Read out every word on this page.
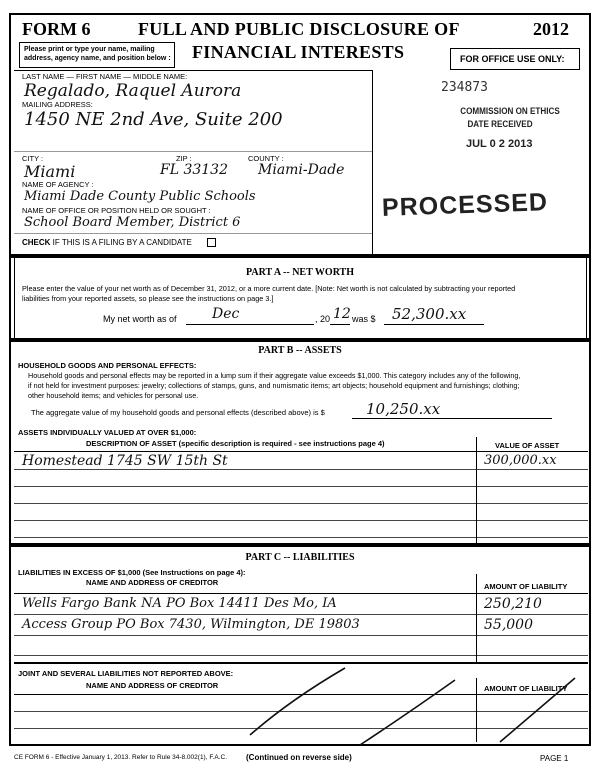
FORM 6	FULL AND PUBLIC DISCLOSURE OF	2012
Please print or type your name, mailing address, agency name, and position below : FINANCIAL INTERESTS	FOR OFFICE USE ONLY:
LAST NAME — FIRST NAME — MIDDLE NAME:
Regalado, Raquel Aurora
MAILING ADDRESS:
1450 NE 2nd Ave, Suite 200
CITY :	ZIP :	COUNTY :
Miami	FL 33132 Miami-Dade
NAME OF AGENCY :
Miami Dade County Public Schools
NAME OF OFFICE OR POSITION HELD OR SOUGHT :
School Board Member, District 6
CHECK IF THIS IS A FILING BY A CANDIDATE
234873
COMMISSION ON ETHICS
DATE RECEIVED
JUL 0 2 2013
PROCESSED
PART A -- NET WORTH
Please enter the value of your net worth as of December 31, 2012, or a more current date. [Note: Net worth is not calculated by subtracting your reported
liabilities from your reported assets, so please see the instructions on page 3.]
My net worth as of	Dec	, 20 12 was $ 52,300.xx
PART B -- ASSETS
HOUSEHOLD GOODS AND PERSONAL EFFECTS:
Household goods and personal effects may be reported in a lump sum if their aggregate value exceeds $1,000. This category includes any of the following,
if not held for investment purposes: jewelry; collections of stamps, guns, and numismatic items; art objects; household equipment and furnishings; clothing;
other household items; and vehicles for personal use.
The aggregate value of my household goods and personal effects (described above) is $	10,250.xx
ASSETS INDIVIDUALLY VALUED AT OVER $1,000:
DESCRIPTION OF ASSET (specific description is required - see instructions page 4)	VALUE OF ASSET
Homestead 1745 SW 15th St	300,000.xx
PART C -- LIABILITIES
LIABILITIES IN EXCESS OF $1,000 (See Instructions on page 4):
NAME AND ADDRESS OF CREDITOR	AMOUNT OF LIABILITY
Wells Fargo Bank NA PO Box 14411 Des Mo, IA	250,210
Access Group PO Box 7430, Wilmington, DE 19803	55,000
JOINT AND SEVERAL LIABILITIES NOT REPORTED ABOVE:
NAME AND ADDRESS OF CREDITOR	AMOUNT OF LIABILITY
CE FORM 6 - Effective January 1, 2013. Refer to Rule 34-8.002(1), F.A.C. (Continued on reverse side)	PAGE 1
